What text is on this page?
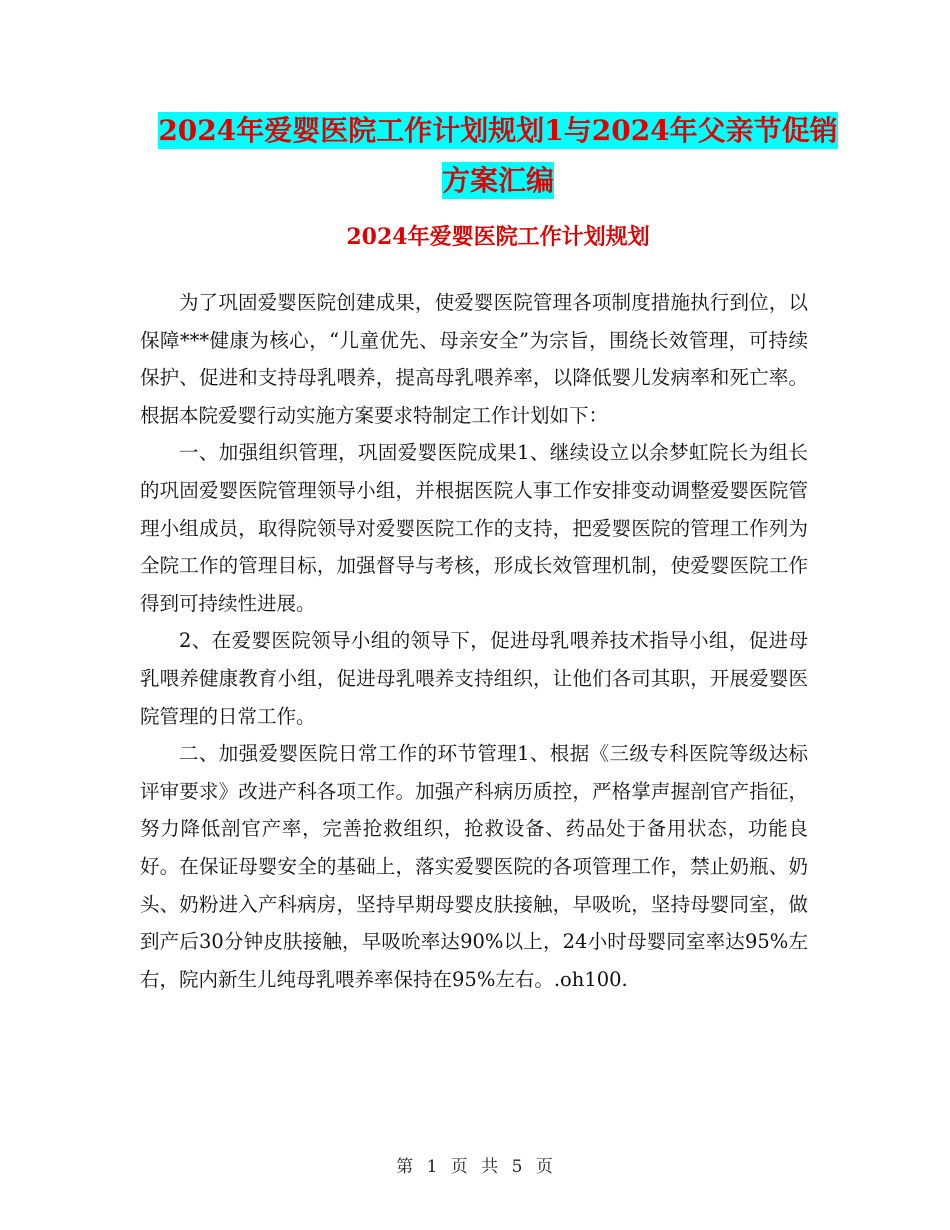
2024年爱婴医院工作计划规划1与2024年父亲节促销
方案汇编
2024年爱婴医院工作计划规划

为了巩固爱婴医院创建成果，使爱婴医院管理各项制度措施执行到位，以保障***健康为核心，“儿童优先、母亲安全”为宗旨，围绕长效管理，可持续保护、促进和支持母乳喂养，提高母乳喂养率，以降低婴儿发病率和死亡率。根据本院爱婴行动实施方案要求特制定工作计划如下：

一、加强组织管理，巩固爱婴医院成果1、继续设立以余梦虹院长为组长的巩固爱婴医院管理领导小组，并根据医院人事工作安排变动调整爱婴医院管理小组成员，取得院领导对爱婴医院工作的支持，把爱婴医院的管理工作列为全院工作的管理目标，加强督导与考核，形成长效管理机制，使爱婴医院工作得到可持续性进展。

2、在爱婴医院领导小组的领导下，促进母乳喂养技术指导小组，促进母乳喂养健康教育小组，促进母乳喂养支持组织，让他们各司其职，开展爱婴医院管理的日常工作。

二、加强爱婴医院日常工作的环节管理1、根据《三级专科医院等级达标评审要求》改进产科各项工作。加强产科病历质控，严格掌声握剖官产指征，努力降低剖官产率，完善抢救组织，抢救设备、药品处于备用状态，功能良好。在保证母婴安全的基础上，落实爱婴医院的各项管理工作，禁止奶瓶、奶头、奶粉进入产科病房，坚持早期母婴皮肤接触，早吸吮，坚持母婴同室，做到产后30分钟皮肤接触，早吸吮率达90%以上，24小时母婴同室率达95%左右，院内新生儿纯母乳喂养率保持在95%左右。.oh100.

第 1 页 共 5 页
